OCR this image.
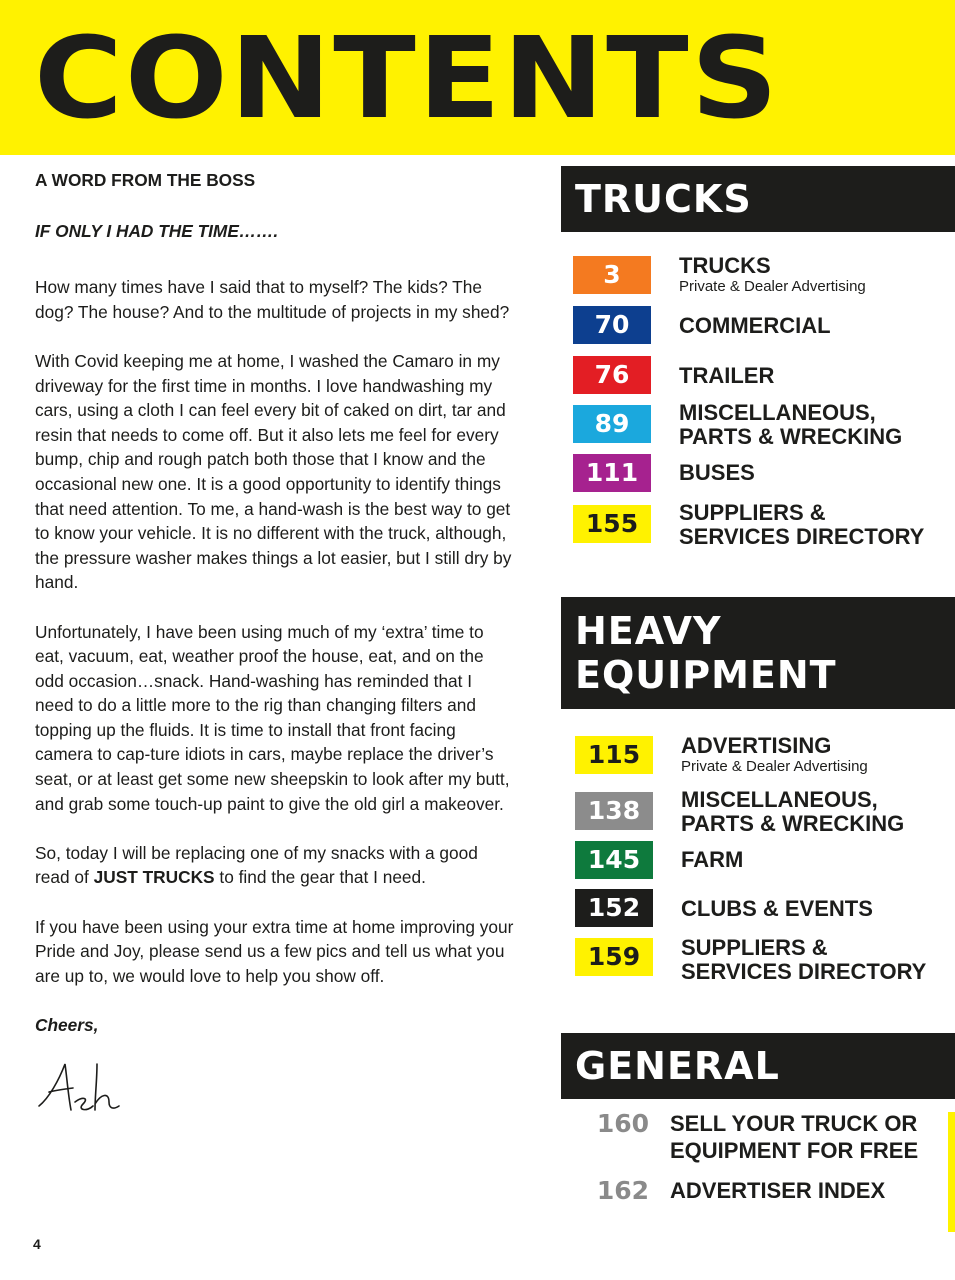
CONTENTS

A WORD FROM THE BOSS

IF ONLY I HAD THE TIME…….

How many times have I said that to myself? The kids? The dog? The house? And to the multitude of projects in my shed?

With Covid keeping me at home, I washed the Camaro in my driveway for the first time in months. I love handwashing my cars, using a cloth I can feel every bit of caked on dirt, tar and resin that needs to come off. But it also lets me feel for every bump, chip and rough patch both those that I know and the occasional new one. It is a good opportunity to identify things that need attention. To me, a hand-wash is the best way to get to know your vehicle. It is no different with the truck, although, the pressure washer makes things a lot easier, but I still dry by hand.

Unfortunately, I have been using much of my ‘extra’ time to eat, vacuum, eat, weather proof the house, eat, and on the odd occasion…snack. Hand-washing has reminded that I need to do a little more to the rig than changing filters and topping up the fluids. It is time to install that front facing camera to cap-ture idiots in cars, maybe replace the driver’s seat, or at least get some new sheepskin to look after my butt, and grab some touch-up paint to give the old girl a makeover.

So, today I will be replacing one of my snacks with a good read of JUST TRUCKS to find the gear that I need.

If you have been using your extra time at home improving your Pride and Joy, please send us a few pics and tell us what you are up to, we would love to help you show off.

Cheers,

4
TRUCKS
3	TRUCKS
Private & Dealer Advertising
70	COMMERCIAL
76	TRAILER
89	MISCELLANEOUS, PARTS & WRECKING
111	BUSES
155	SUPPLIERS & SERVICES DIRECTORY
HEAVY
EQUIPMENT
115	ADVERTISING
Private & Dealer Advertising
138	MISCELLANEOUS, PARTS & WRECKING
145	FARM
152	CLUBS & EVENTS
159	SUPPLIERS & SERVICES DIRECTORY
GENERAL
160 SELL YOUR TRUCK OR EQUIPMENT FOR FREE
162 ADVERTISER INDEX
